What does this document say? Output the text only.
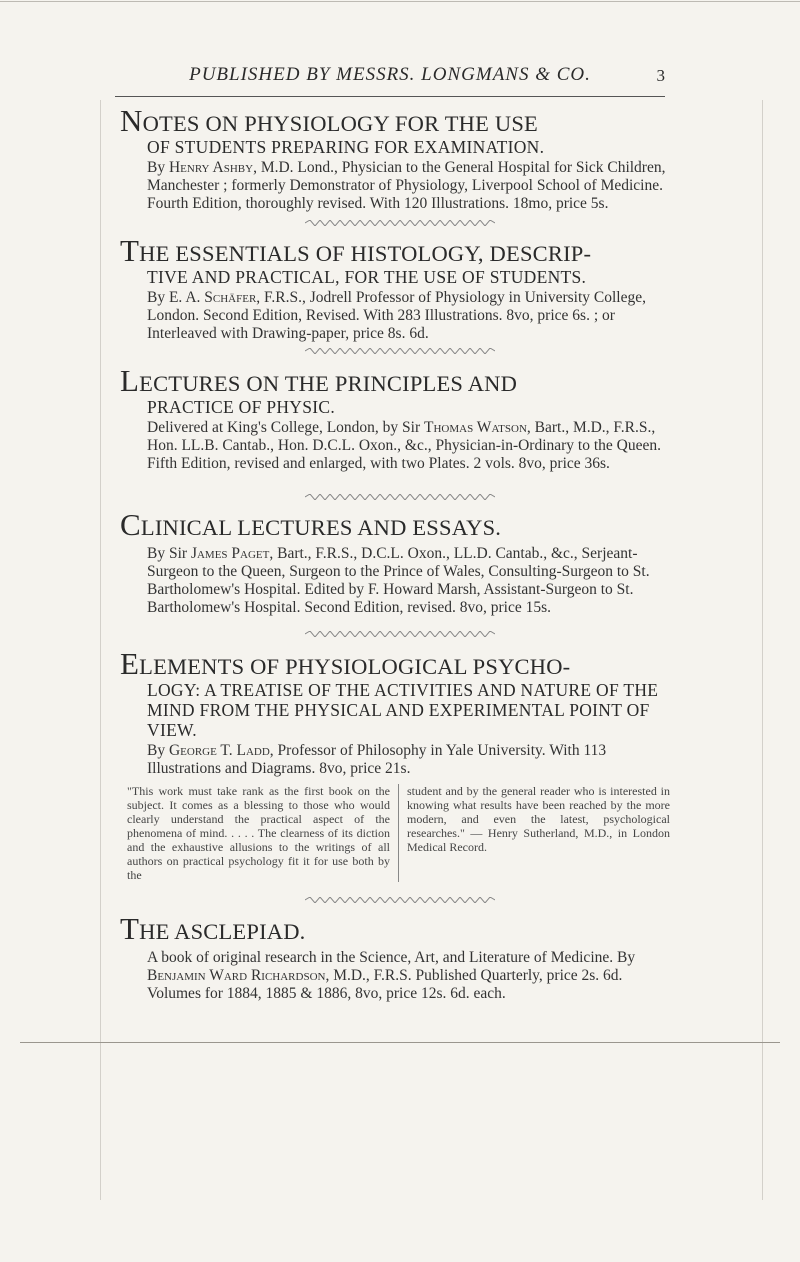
PUBLISHED BY MESSRS. LONGMANS & CO.	3
NOTES ON PHYSIOLOGY FOR THE USE
OF STUDENTS PREPARING FOR EXAMINATION.
By Henry Ashby, M.D. Lond., Physician to the General Hospital for Sick Children, Manchester ; formerly Demonstrator of Physiology, Liverpool School of Medicine. Fourth Edition, thoroughly revised. With 120 Illustrations. 18mo, price 5s.
THE ESSENTIALS OF HISTOLOGY, DESCRIP-
TIVE AND PRACTICAL, FOR THE USE OF STUDENTS.
By E. A. Schäfer, F.R.S., Jodrell Professor of Physiology in University College, London. Second Edition, Revised. With 283 Illustrations. 8vo, price 6s. ; or Interleaved with Drawing-paper, price 8s. 6d.
LECTURES ON THE PRINCIPLES AND
PRACTICE OF PHYSIC.
Delivered at King's College, London, by Sir Thomas Watson, Bart., M.D., F.R.S., Hon. LL.B. Cantab., Hon. D.C.L. Oxon., &c., Physician-in-Ordinary to the Queen. Fifth Edition, revised and enlarged, with two Plates. 2 vols. 8vo, price 36s.
CLINICAL LECTURES AND ESSAYS.
By Sir James Paget, Bart., F.R.S., D.C.L. Oxon., LL.D. Cantab., &c., Serjeant-Surgeon to the Queen, Surgeon to the Prince of Wales, Consulting-Surgeon to St. Bartholomew's Hospital. Edited by F. Howard Marsh, Assistant-Surgeon to St. Bartholomew's Hospital. Second Edition, revised. 8vo, price 15s.
ELEMENTS OF PHYSIOLOGICAL PSYCHO-
LOGY: A TREATISE OF THE ACTIVITIES AND NATURE OF THE MIND FROM THE PHYSICAL AND EXPERIMENTAL POINT OF VIEW.
By George T. Ladd, Professor of Philosophy in Yale University. With 113 Illustrations and Diagrams. 8vo, price 21s.
"This work must take rank as the first book on the subject. It comes as a blessing to those who would clearly understand the practical aspect of the phenomena of mind. . . . . The clearness of its diction and the exhaustive allusions to the writings of all authors on practical psychology fit it for use both by the
student and by the general reader who is interested in knowing what results have been reached by the more modern, and even the latest, psychological researches." — Henry Sutherland, M.D., in London Medical Record.
THE ASCLEPIAD.
A book of original research in the Science, Art, and Literature of Medicine. By Benjamin Ward Richardson, M.D., F.R.S. Published Quarterly, price 2s. 6d. Volumes for 1884, 1885 & 1886, 8vo, price 12s. 6d. each.
